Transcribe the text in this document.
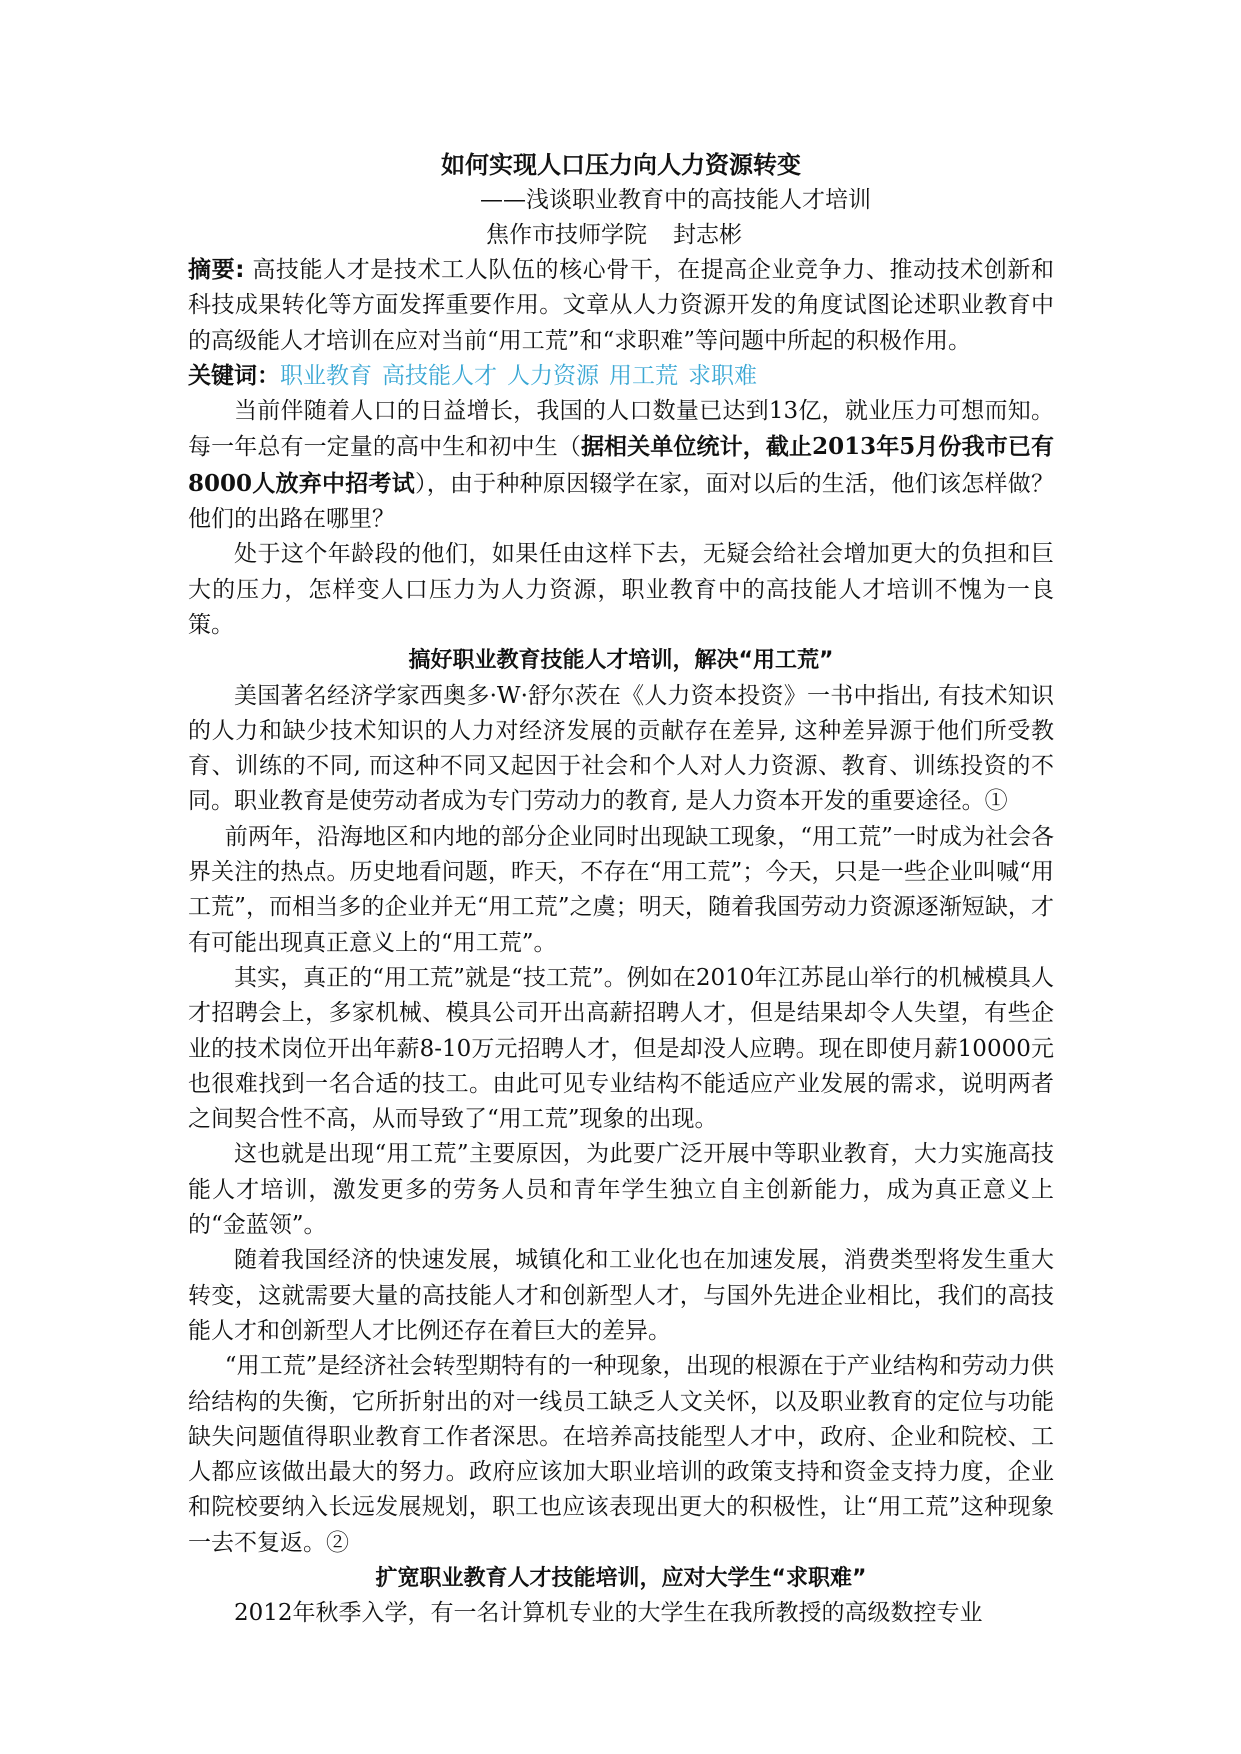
如何实现人口压力向人力资源转变

——浅谈职业教育中的高技能人才培训

焦作市技师学院 封志彬

摘要: 高技能人才是技术工人队伍的核心骨干，在提高企业竞争力、推动技术创新和科技成果转化等方面发挥重要作用。文章从人力资源开发的角度试图论述职业教育中的高级能人才培训在应对当前“用工荒”和“求职难”等问题中所起的积极作用。

关键词：职业教育 高技能人才 人力资源 用工荒 求职难

当前伴随着人口的日益增长，我国的人口数量已达到13亿，就业压力可想而知。每一年总有一定量的高中生和初中生（据相关单位统计，截止2013年5月份我市已有8000人放弃中招考试），由于种种原因辍学在家，面对以后的生活，他们该怎样做？他们的出路在哪里？

处于这个年龄段的他们，如果任由这样下去，无疑会给社会增加更大的负担和巨大的压力，怎样变人口压力为人力资源，职业教育中的高技能人才培训不愧为一良策。

搞好职业教育技能人才培训，解决“用工荒”

美国著名经济学家西奥多·W·舒尔茨在《人力资本投资》一书中指出, 有技术知识的人力和缺少技术知识的人力对经济发展的贡献存在差异, 这种差异源于他们所受教育、训练的不同, 而这种不同又起因于社会和个人对人力资源、教育、训练投资的不同。职业教育是使劳动者成为专门劳动力的教育, 是人力资本开发的重要途径。①

前两年，沿海地区和内地的部分企业同时出现缺工现象，“用工荒”一时成为社会各界关注的热点。历史地看问题，昨天，不存在“用工荒”；今天，只是一些企业叫喊“用工荒”，而相当多的企业并无“用工荒”之虞；明天，随着我国劳动力资源逐渐短缺，才有可能出现真正意义上的“用工荒”。

其实，真正的“用工荒”就是“技工荒”。例如在2010年江苏昆山举行的机械模具人才招聘会上，多家机械、模具公司开出高薪招聘人才，但是结果却令人失望，有些企业的技术岗位开出年薪8-10万元招聘人才，但是却没人应聘。现在即使月薪10000元也很难找到一名合适的技工。由此可见专业结构不能适应产业发展的需求，说明两者之间契合性不高，从而导致了“用工荒”现象的出现。

这也就是出现“用工荒”主要原因，为此要广泛开展中等职业教育，大力实施高技能人才培训，激发更多的劳务人员和青年学生独立自主创新能力，成为真正意义上的“金蓝领”。

随着我国经济的快速发展，城镇化和工业化也在加速发展，消费类型将发生重大转变，这就需要大量的高技能人才和创新型人才，与国外先进企业相比，我们的高技能人才和创新型人才比例还存在着巨大的差异。

“用工荒”是经济社会转型期特有的一种现象，出现的根源在于产业结构和劳动力供给结构的失衡，它所折射出的对一线员工缺乏人文关怀，以及职业教育的定位与功能缺失问题值得职业教育工作者深思。在培养高技能型人才中，政府、企业和院校、工人都应该做出最大的努力。政府应该加大职业培训的政策支持和资金支持力度，企业和院校要纳入长远发展规划，职工也应该表现出更大的积极性，让“用工荒”这种现象一去不复返。②

扩宽职业教育人才技能培训，应对大学生“求职难”

2012年秋季入学，有一名计算机专业的大学生在我所教授的高级数控专业
